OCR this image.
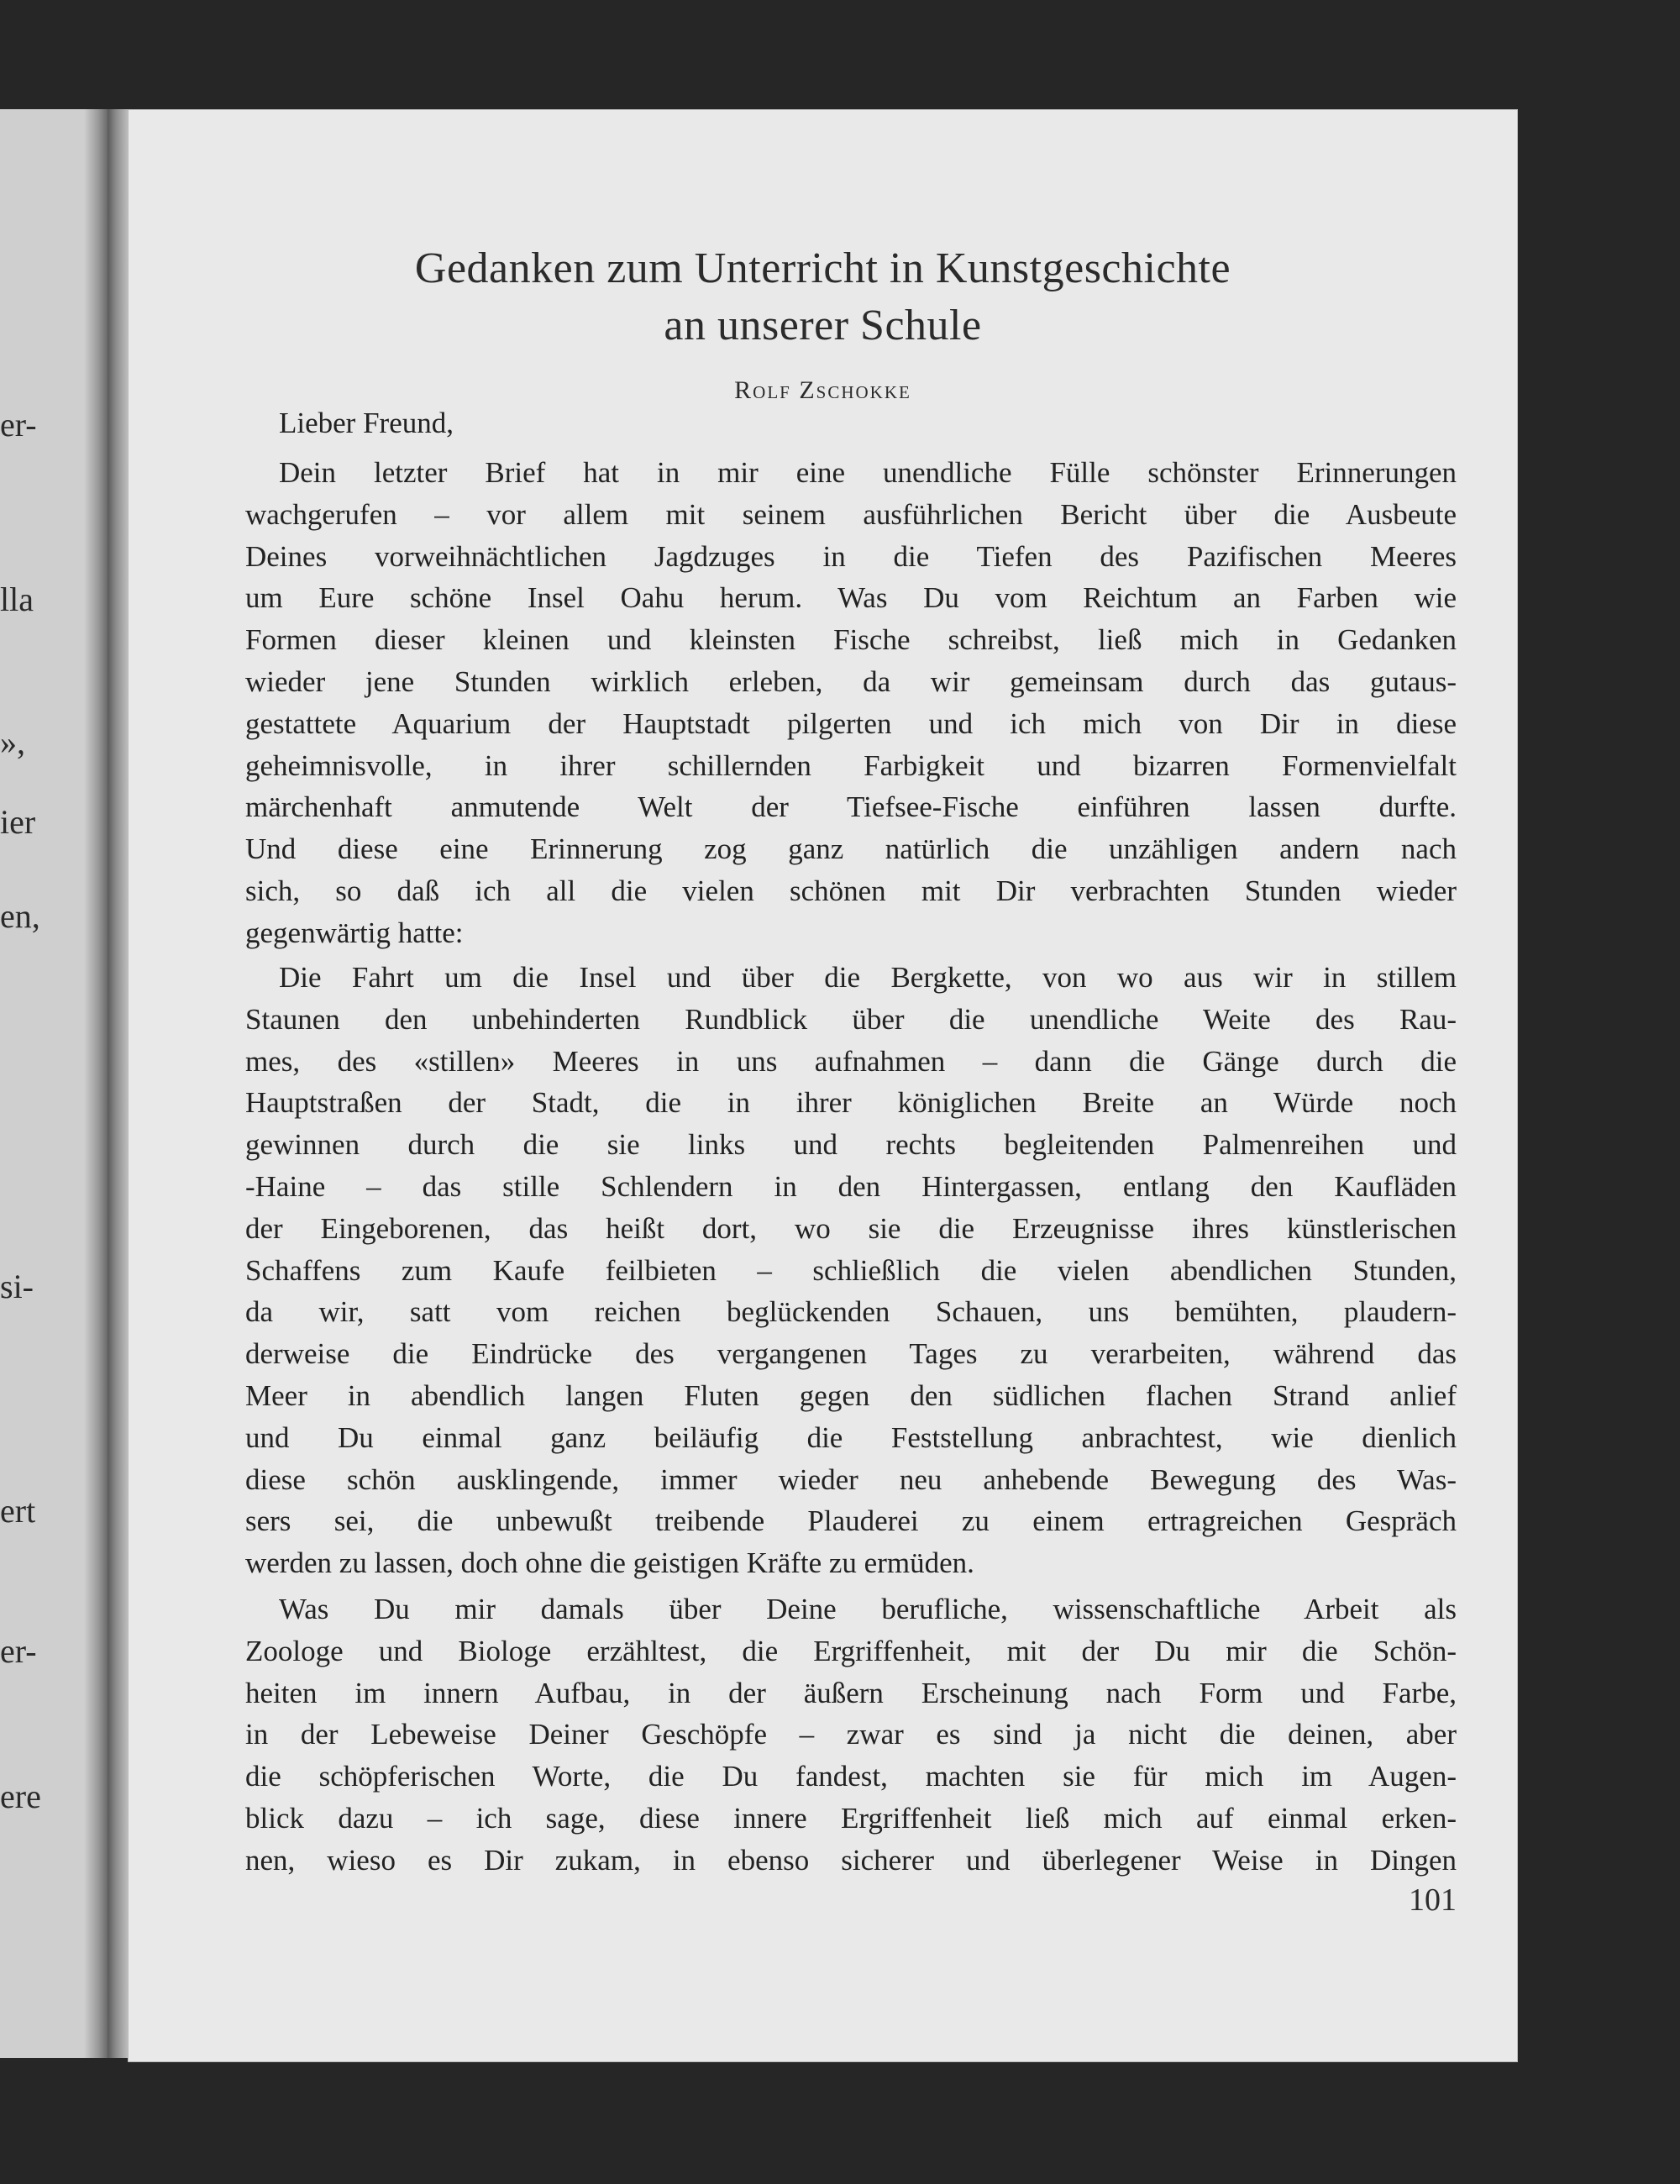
er-
lla
»,
ier
en,
si-
ert
er-
ere
Gedanken zum Unterricht in Kunstgeschichte
an unserer Schule
Rolf Zschokke
Lieber Freund,
Dein letzter Brief hat in mir eine unendliche Fülle schönster Erinnerungen
wachgerufen – vor allem mit seinem ausführlichen Bericht über die Ausbeute
Deines vorweihnächtlichen Jagdzuges in die Tiefen des Pazifischen Meeres
um Eure schöne Insel Oahu herum. Was Du vom Reichtum an Farben wie
Formen dieser kleinen und kleinsten Fische schreibst, ließ mich in Gedanken
wieder jene Stunden wirklich erleben, da wir gemeinsam durch das gutaus-
gestattete Aquarium der Hauptstadt pilgerten und ich mich von Dir in diese
geheimnisvolle, in ihrer schillernden Farbigkeit und bizarren Formenvielfalt
märchenhaft anmutende Welt der Tiefsee-Fische einführen lassen durfte.
Und diese eine Erinnerung zog ganz natürlich die unzähligen andern nach
sich, so daß ich all die vielen schönen mit Dir verbrachten Stunden wieder
gegenwärtig hatte:
Die Fahrt um die Insel und über die Bergkette, von wo aus wir in stillem
Staunen den unbehinderten Rundblick über die unendliche Weite des Rau-
mes, des «stillen» Meeres in uns aufnahmen – dann die Gänge durch die
Hauptstraßen der Stadt, die in ihrer königlichen Breite an Würde noch
gewinnen durch die sie links und rechts begleitenden Palmenreihen und
-Haine – das stille Schlendern in den Hintergassen, entlang den Kaufläden
der Eingeborenen, das heißt dort, wo sie die Erzeugnisse ihres künstlerischen
Schaffens zum Kaufe feilbieten – schließlich die vielen abendlichen Stunden,
da wir, satt vom reichen beglückenden Schauen, uns bemühten, plaudern-
derweise die Eindrücke des vergangenen Tages zu verarbeiten, während das
Meer in abendlich langen Fluten gegen den südlichen flachen Strand anlief
und Du einmal ganz beiläufig die Feststellung anbrachtest, wie dienlich
diese schön ausklingende, immer wieder neu anhebende Bewegung des Was-
sers sei, die unbewußt treibende Plauderei zu einem ertragreichen Gespräch
werden zu lassen, doch ohne die geistigen Kräfte zu ermüden.
Was Du mir damals über Deine berufliche, wissenschaftliche Arbeit als
Zoologe und Biologe erzähltest, die Ergriffenheit, mit der Du mir die Schön-
heiten im innern Aufbau, in der äußern Erscheinung nach Form und Farbe,
in der Lebeweise Deiner Geschöpfe – zwar es sind ja nicht die deinen, aber
die schöpferischen Worte, die Du fandest, machten sie für mich im Augen-
blick dazu – ich sage, diese innere Ergriffenheit ließ mich auf einmal erken-
nen, wieso es Dir zukam, in ebenso sicherer und überlegener Weise in Dingen
101
